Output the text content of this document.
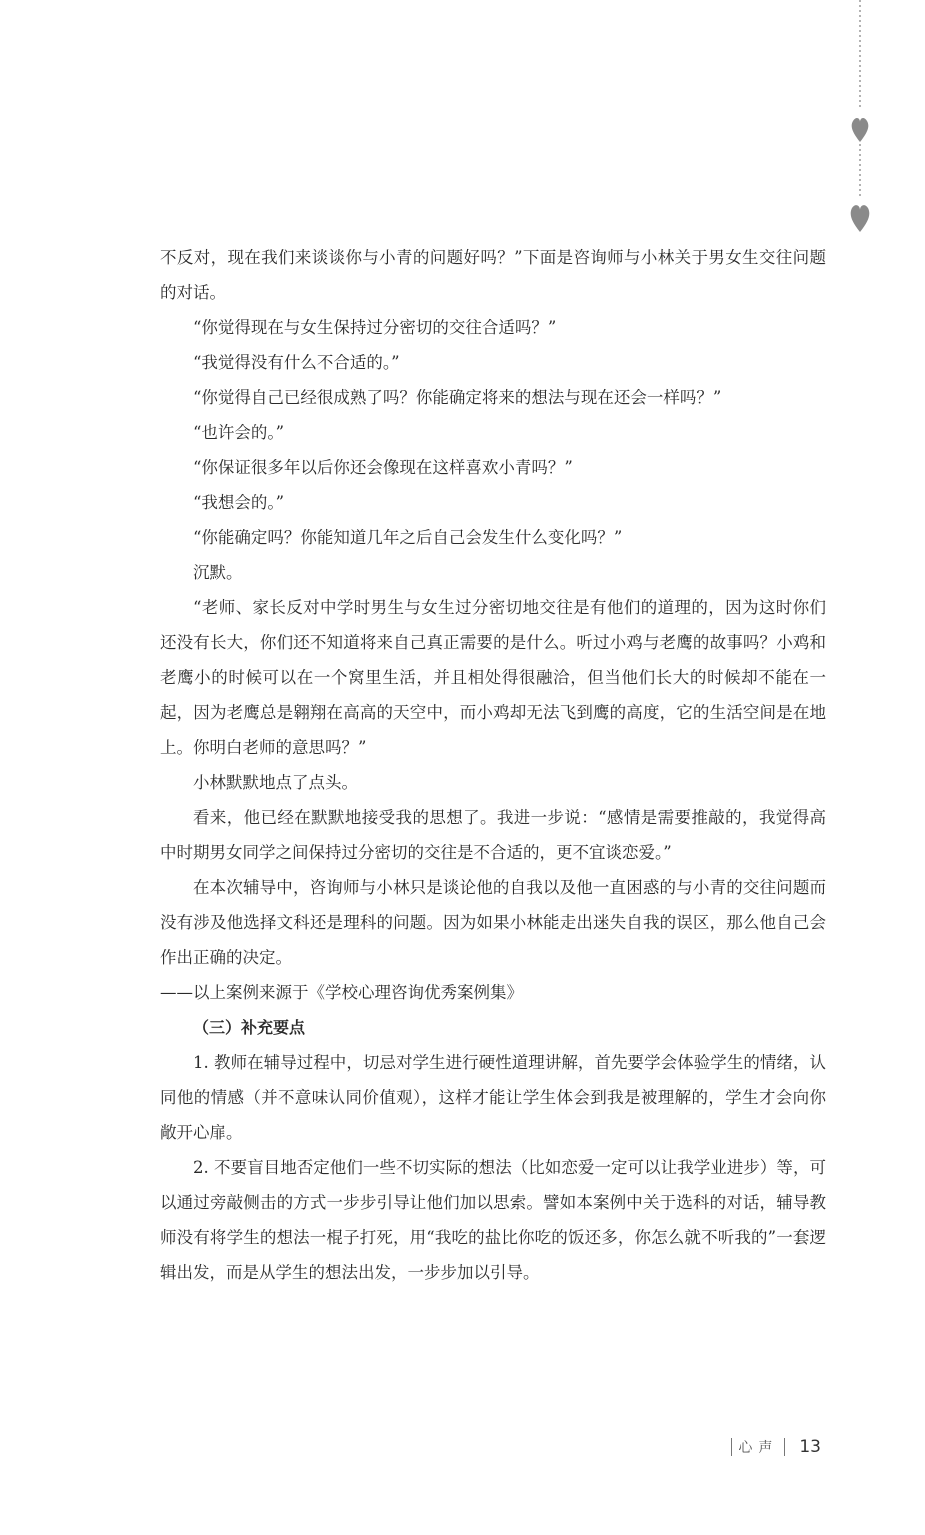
不反对，现在我们来谈谈你与小青的问题好吗？”下面是咨询师与小林关于男女生交往问题的对话。

“你觉得现在与女生保持过分密切的交往合适吗？”

“我觉得没有什么不合适的。”

“你觉得自己已经很成熟了吗？你能确定将来的想法与现在还会一样吗？”

“也许会的。”

“你保证很多年以后你还会像现在这样喜欢小青吗？”

“我想会的。”

“你能确定吗？你能知道几年之后自己会发生什么变化吗？”

沉默。

“老师、家长反对中学时男生与女生过分密切地交往是有他们的道理的，因为这时你们还没有长大，你们还不知道将来自己真正需要的是什么。听过小鸡与老鹰的故事吗？小鸡和老鹰小的时候可以在一个窝里生活，并且相处得很融洽，但当他们长大的时候却不能在一起，因为老鹰总是翱翔在高高的天空中，而小鸡却无法飞到鹰的高度，它的生活空间是在地上。你明白老师的意思吗？”

小林默默地点了点头。

看来，他已经在默默地接受我的思想了。我进一步说：“感情是需要推敲的，我觉得高中时期男女同学之间保持过分密切的交往是不合适的，更不宜谈恋爱。”

在本次辅导中，咨询师与小林只是谈论他的自我以及他一直困惑的与小青的交往问题而没有涉及他选择文科还是理科的问题。因为如果小林能走出迷失自我的误区，那么他自己会作出正确的决定。

——以上案例来源于《学校心理咨询优秀案例集》

（三）补充要点

1. 教师在辅导过程中，切忌对学生进行硬性道理讲解，首先要学会体验学生的情绪，认同他的情感（并不意味认同价值观），这样才能让学生体会到我是被理解的，学生才会向你敞开心扉。

2. 不要盲目地否定他们一些不切实际的想法（比如恋爱一定可以让我学业进步）等，可以通过旁敲侧击的方式一步步引导让他们加以思索。譬如本案例中关于选科的对话，辅导教师没有将学生的想法一棍子打死，用“我吃的盐比你吃的饭还多，你怎么就不听我的”一套逻辑出发，而是从学生的想法出发，一步步加以引导。

心声 13
